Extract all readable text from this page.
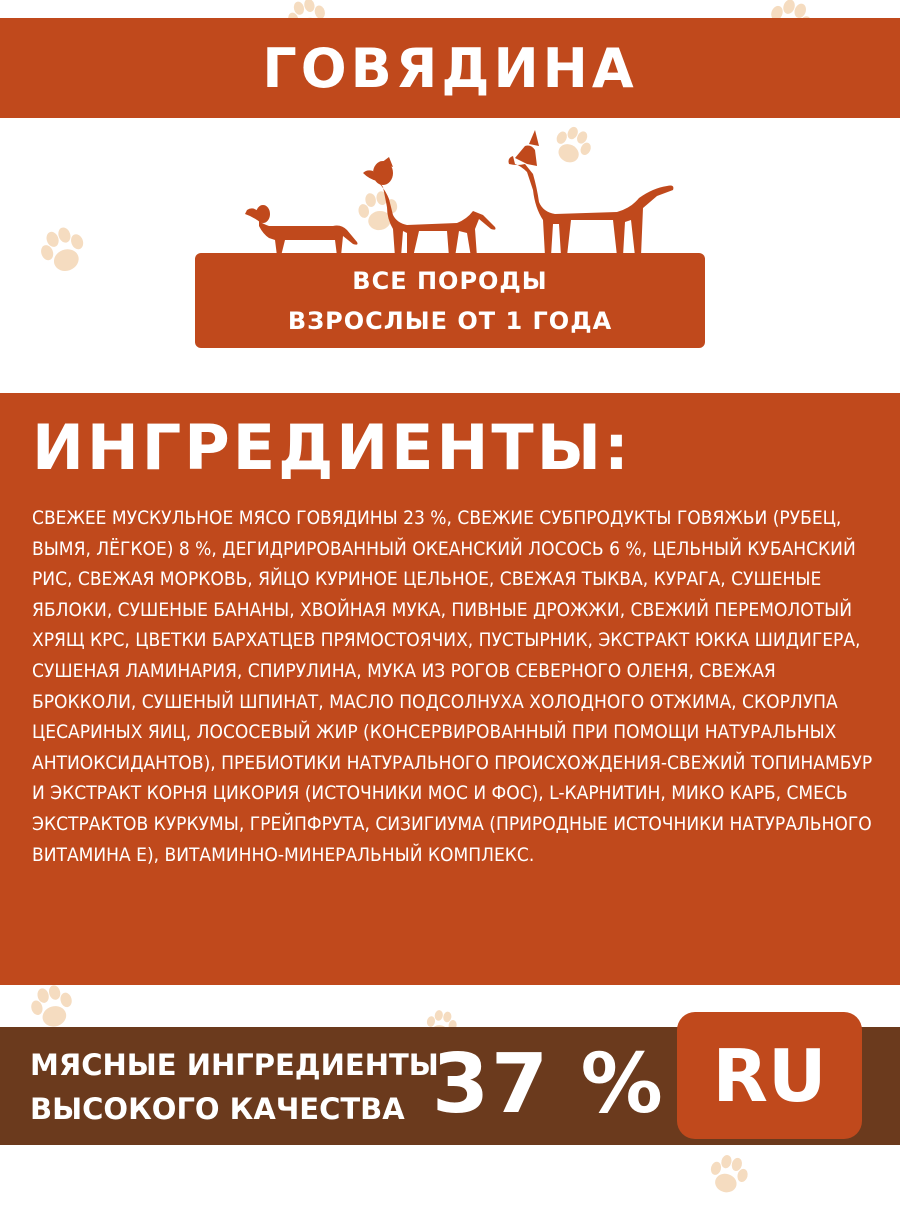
ГОВЯДИНА
ВСЕ ПОРОДЫ
ВЗРОСЛЫЕ ОТ 1 ГОДА
ИНГРЕДИЕНТЫ:
СВЕЖЕЕ МУСКУЛЬНОЕ МЯСО ГОВЯДИНЫ 23 %, СВЕЖИЕ СУБПРОДУКТЫ ГОВЯЖЬИ (РУБЕЦ, ВЫМЯ, ЛЁГКОЕ) 8 %, ДЕГИДРИРОВАННЫЙ ОКЕАНСКИЙ ЛОСОСЬ 6 %, ЦЕЛЬНЫЙ КУБАНСКИЙ РИС, СВЕЖАЯ МОРКОВЬ, ЯЙЦО КУРИНОЕ ЦЕЛЬНОЕ, СВЕЖАЯ ТЫКВА, КУРАГА, СУШЕНЫЕ ЯБЛОКИ, СУШЕНЫЕ БАНАНЫ, ХВОЙНАЯ МУКА, ПИВНЫЕ ДРОЖЖИ, СВЕЖИЙ ПЕРЕМОЛОТЫЙ ХРЯЩ КРС, ЦВЕТКИ БАРХАТЦЕВ ПРЯМОСТОЯЧИХ, ПУСТЫРНИК, ЭКСТРАКТ ЮККА ШИДИГЕРА, СУШЕНАЯ ЛАМИНАРИЯ, СПИРУЛИНА, МУКА ИЗ РОГОВ СЕВЕРНОГО ОЛЕНЯ, СВЕЖАЯ БРОККОЛИ, СУШЕНЫЙ ШПИНАТ, МАСЛО ПОДСОЛНУХА ХОЛОДНОГО ОТЖИМА, СКОРЛУПА ЦЕСАРИНЫХ ЯИЦ, ЛОСОСЕВЫЙ ЖИР (КОНСЕРВИРОВАННЫЙ ПРИ ПОМОЩИ НАТУРАЛЬНЫХ АНТИОКСИДАНТОВ), ПРЕБИОТИКИ НАТУРАЛЬНОГО ПРОИСХОЖДЕНИЯ-СВЕЖИЙ ТОПИНАМБУР И ЭКСТРАКТ КОРНЯ ЦИКОРИЯ (ИСТОЧНИКИ МОС И ФОС), L-КАРНИТИН, МИКО КАРБ, СМЕСЬ ЭКСТРАКТОВ КУРКУМЫ, ГРЕЙПФРУТА, СИЗИГИУМА (ПРИРОДНЫЕ ИСТОЧНИКИ НАТУРАЛЬНОГО ВИТАМИНА Е), ВИТАМИННО-МИНЕРАЛЬНЫЙ КОМПЛЕКС.
МЯСНЫЕ ИНГРЕДИЕНТЫ
ВЫСОКОГО КАЧЕСТВА 37 % RU
